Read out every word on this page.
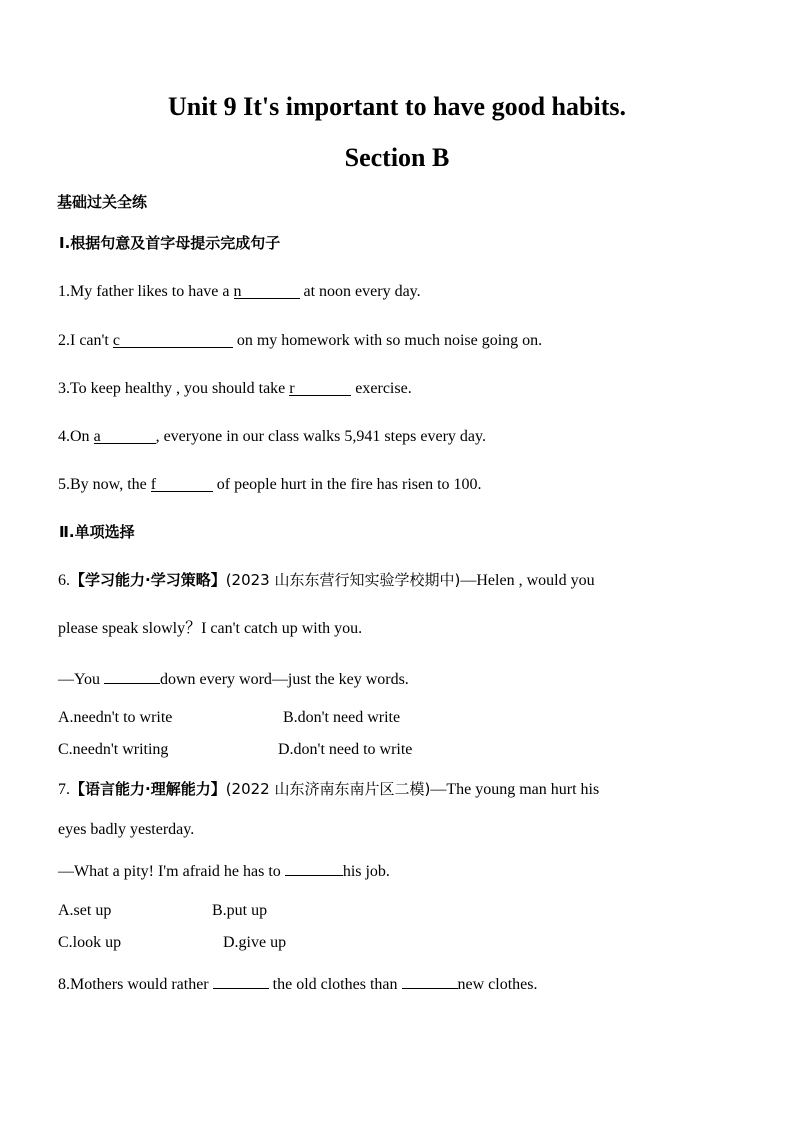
Unit 9 It's important to have good habits.
Section B
基础过关全练
Ⅰ.根据句意及首字母提示完成句子
1.My father likes to have a n	at noon every day.
2.I can't c	on my homework with so much noise going on.
3.To keep healthy , you should take r	exercise.
4.On a	, everyone in our class walks 5,941 steps every day.
5.By now, the f	of people hurt in the fire has risen to 100.
Ⅱ.单项选择
6.【学习能力·学习策略】(2023 山东东营行知实验学校期中)—Helen , would you
please speak slowly？I can't catch up with you.
—You	down every word—just the key words.
A.needn't to write	B.don't need write
C.needn't writing	D.don't need to write
7.【语言能力·理解能力】(2022 山东济南东南片区二模)—The young man hurt his
eyes badly yesterday.
—What a pity! I'm afraid he has to	his job.
A.set up	B.put up
C.look up	D.give up
8.Mothers would rather	the old clothes than	new clothes.
